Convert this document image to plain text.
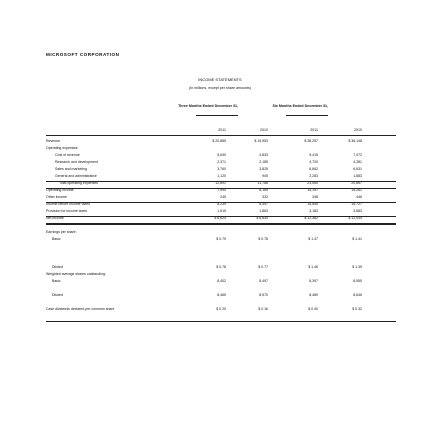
MICROSOFT CORPORATION
INCOME STATEMENTS
(In millions, except per share amounts)
Three Months Ended December 31,	Six Months Ended December 31,
2011	2010	2011	2010
Revenue	$ 20,885	$ 19,953	$ 38,257	$ 36,148
Operating expenses:
Cost of revenue	5,630	4,833	9,415	7,972
Research and development	2,371	2,185	4,700	4,381
Sales and marketing	3,760	3,825	6,662	6,631
General and administrative	1,120	945	2,283	1,883
Total operating expenses	12,891	11,788	23,060	20,867
Operating income	7,994	8,165	15,197	15,281
Other income	245	332	348	446
Income before income taxes	8,239	8,497	15,545	15,727
Provision for income taxes	1,615	1,863	3,183	3,683
Net income	$ 6,624	$ 6,634	$ 12,362	$ 12,044
Earnings per share:
Basic	$ 0.79	$ 0.78	$ 1.47	$ 1.41
Diluted	$ 0.78	$ 0.77	$ 1.46	$ 1.39
Weighted average shares outstanding:
Basic	8,402	8,497	8,397	8,555
Diluted	8,465	8,570	8,489	8,646
Cash dividends declared per common share	$ 0.20	$ 0.16	$ 0.40	$ 0.32
